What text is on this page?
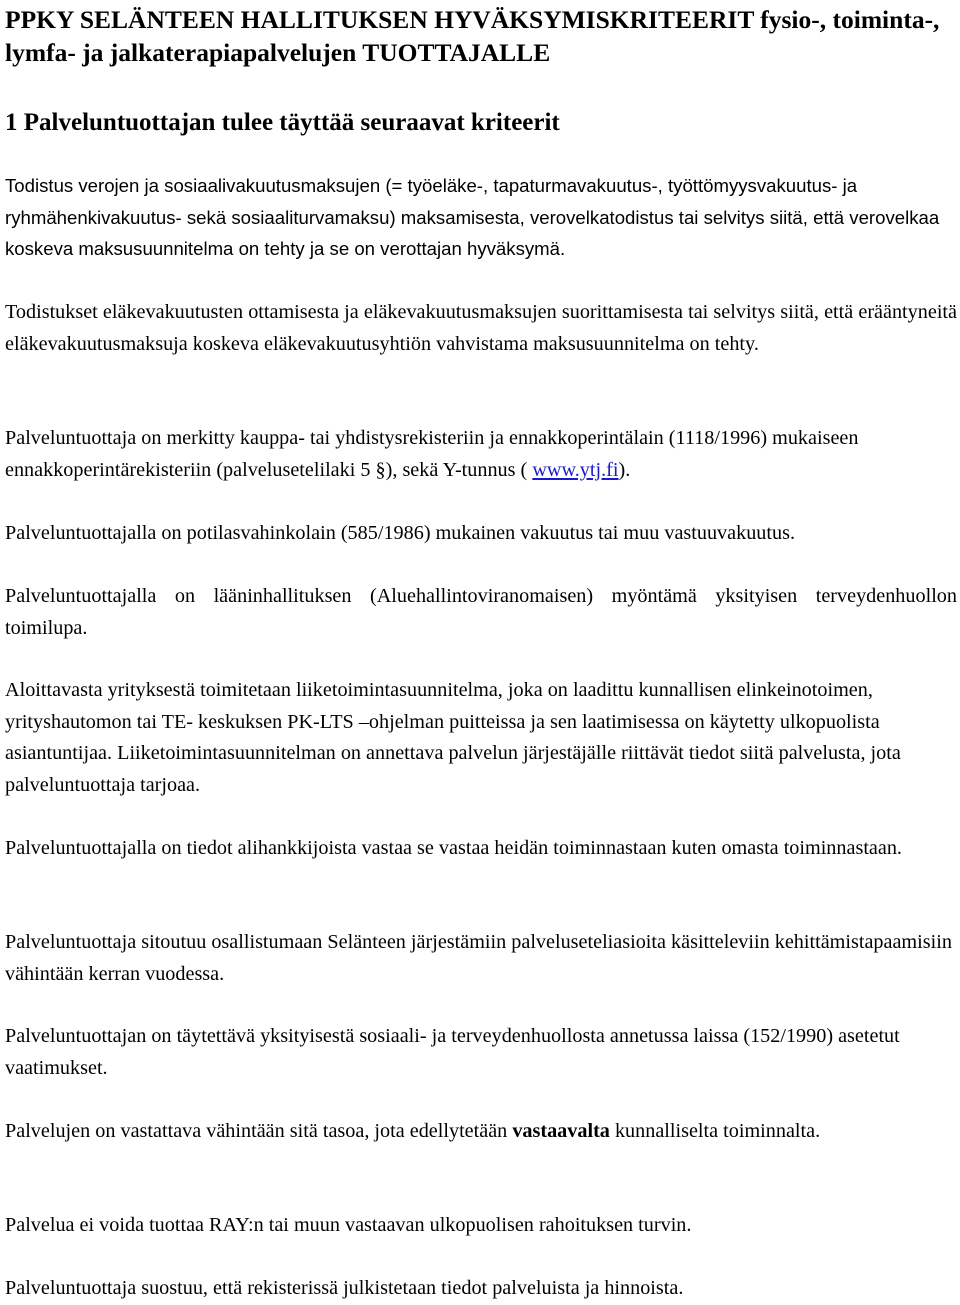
PPKY SELÄNTEEN HALLITUKSEN HYVÄKSYMISKRITEERIT fysio-, toiminta-, lymfa- ja jalkaterapiapalvelujen TUOTTAJALLE
1 Palveluntuottajan tulee täyttää seuraavat kriteerit

Todistus verojen ja sosiaalivakuutusmaksujen (= työeläke-, tapaturmavakuutus-, työttömyysvakuutus- ja ryhmähenkivakuutus- sekä sosiaaliturvamaksu) maksamisesta, verovelkatodistus tai selvitys siitä, että verovelkaa koskeva maksusuunnitelma on tehty ja se on verottajan hyväksymä.

Todistukset eläkevakuutusten ottamisesta ja eläkevakuutusmaksujen suorittamisesta tai selvitys siitä, että erääntyneitä eläkevakuutusmaksuja koskeva eläkevakuutusyhtiön vahvistama maksusuunnitelma on tehty.

Palveluntuottaja on merkitty kauppa- tai yhdistysrekisteriin ja ennakkoperintälain (1118/1996) mukaiseen ennakkoperintärekisteriin (palvelusetelilaki 5 §), sekä Y-tunnus ( www.ytj.fi).

Palveluntuottajalla on potilasvahinkolain (585/1986) mukainen vakuutus tai muu vastuuvakuutus.

Palveluntuottajalla on lääninhallituksen (Aluehallintoviranomaisen) myöntämä yksityisen terveydenhuollon toimilupa.

Aloittavasta yrityksestä toimitetaan liiketoimintasuunnitelma, joka on laadittu kunnallisen elinkeinotoimen, yrityshautomon tai TE- keskuksen PK-LTS –ohjelman puitteissa ja sen laatimisessa on käytetty ulkopuolista asiantuntijaa. Liiketoimintasuunnitelman on annettava palvelun järjestäjälle riittävät tiedot siitä palvelusta, jota palveluntuottaja tarjoaa.

Palveluntuottajalla on tiedot alihankkijoista vastaa se vastaa heidän toiminnastaan kuten omasta toiminnastaan.

Palveluntuottaja sitoutuu osallistumaan Selänteen järjestämiin palveluseteliasioita käsitteleviin kehittämistapaamisiin vähintään kerran vuodessa.

Palveluntuottajan on täytettävä yksityisestä sosiaali- ja terveydenhuollosta annetussa laissa (152/1990) asetetut vaatimukset.

Palvelujen on vastattava vähintään sitä tasoa, jota edellytetään vastaavalta kunnalliselta toiminnalta.

Palvelua ei voida tuottaa RAY:n tai muun vastaavan ulkopuolisen rahoituksen turvin.

Palveluntuottaja suostuu, että rekisterissä julkistetaan tiedot palveluista ja hinnoista.
